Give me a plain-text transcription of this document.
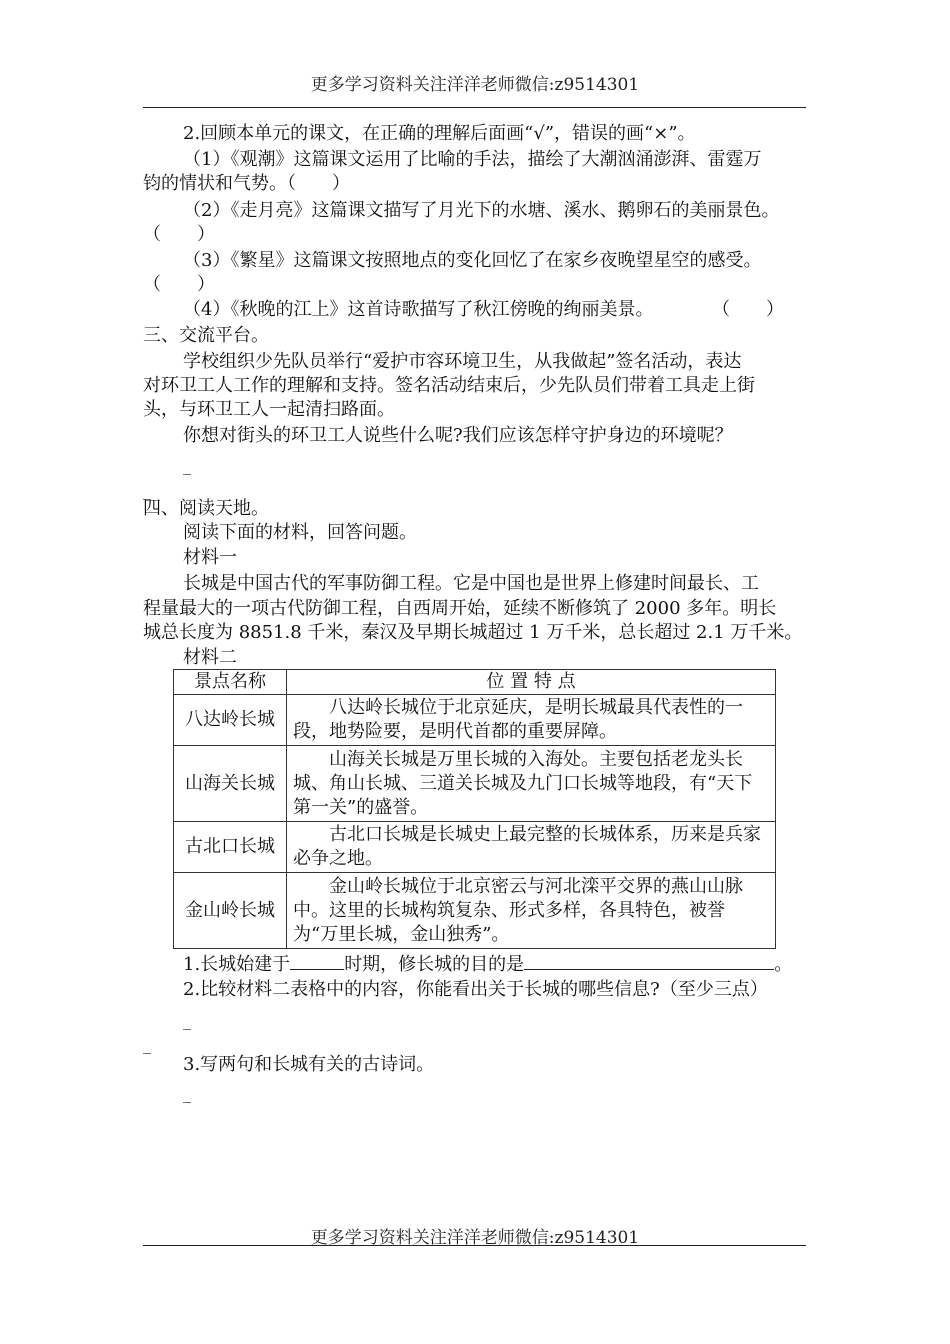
更多学习资料关注洋洋老师微信:z9514301
2.回顾本单元的课文，在正确的理解后面画“√”，错误的画“×”。
（1）《观潮》这篇课文运用了比喻的手法，描绘了大潮汹涌澎湃、雷霆万
钧的情状和气势。（　　）
（2）《走月亮》这篇课文描写了月光下的水塘、溪水、鹅卵石的美丽景色。
（　　）
（3）《繁星》这篇课文按照地点的变化回忆了在家乡夜晚望星空的感受。
（　　）
（4）《秋晚的江上》这首诗歌描写了秋江傍晚的绚丽美景。	（　　）
三、交流平台。
学校组织少先队员举行“爱护市容环境卫生，从我做起”签名活动，表达
对环卫工人工作的理解和支持。签名活动结束后，少先队员们带着工具走上街
头，与环卫工人一起清扫路面。
你想对街头的环卫工人说些什么呢?我们应该怎样守护身边的环境呢？
_
_
四、阅读天地。
阅读下面的材料，回答问题。
材料一
长城是中国古代的军事防御工程。它是中国也是世界上修建时间最长、工
程量最大的一项古代防御工程，自西周开始，延续不断修筑了 2000 多年。明长
城总长度为 8851.8 千米，秦汉及早期长城超过 1 万千米，总长超过 2.1 万千米。
材料二
景点名称	位 置 特 点
八达岭长城	八达岭长城位于北京延庆，是明长城最具代表性的一段，地势险要，是明代首都的重要屏障。
山海关长城	山海关长城是万里长城的入海处。主要包括老龙头长城、角山长城、三道关长城及九门口长城等地段，有“天下第一关”的盛誉。
古北口长城	古北口长城是长城史上最完整的长城体系，历来是兵家必争之地。
金山岭长城	金山岭长城位于北京密云与河北滦平交界的燕山山脉中。这里的长城构筑复杂、形式多样，各具特色，被誉为“万里长城，金山独秀”。
1.长城始建于	时期，修长城的目的是	。
2.比较材料二表格中的内容，你能看出关于长城的哪些信息?（至少三点）
_
_
3.写两句和长城有关的古诗词。
_
更多学习资料关注洋洋老师微信:z9514301
